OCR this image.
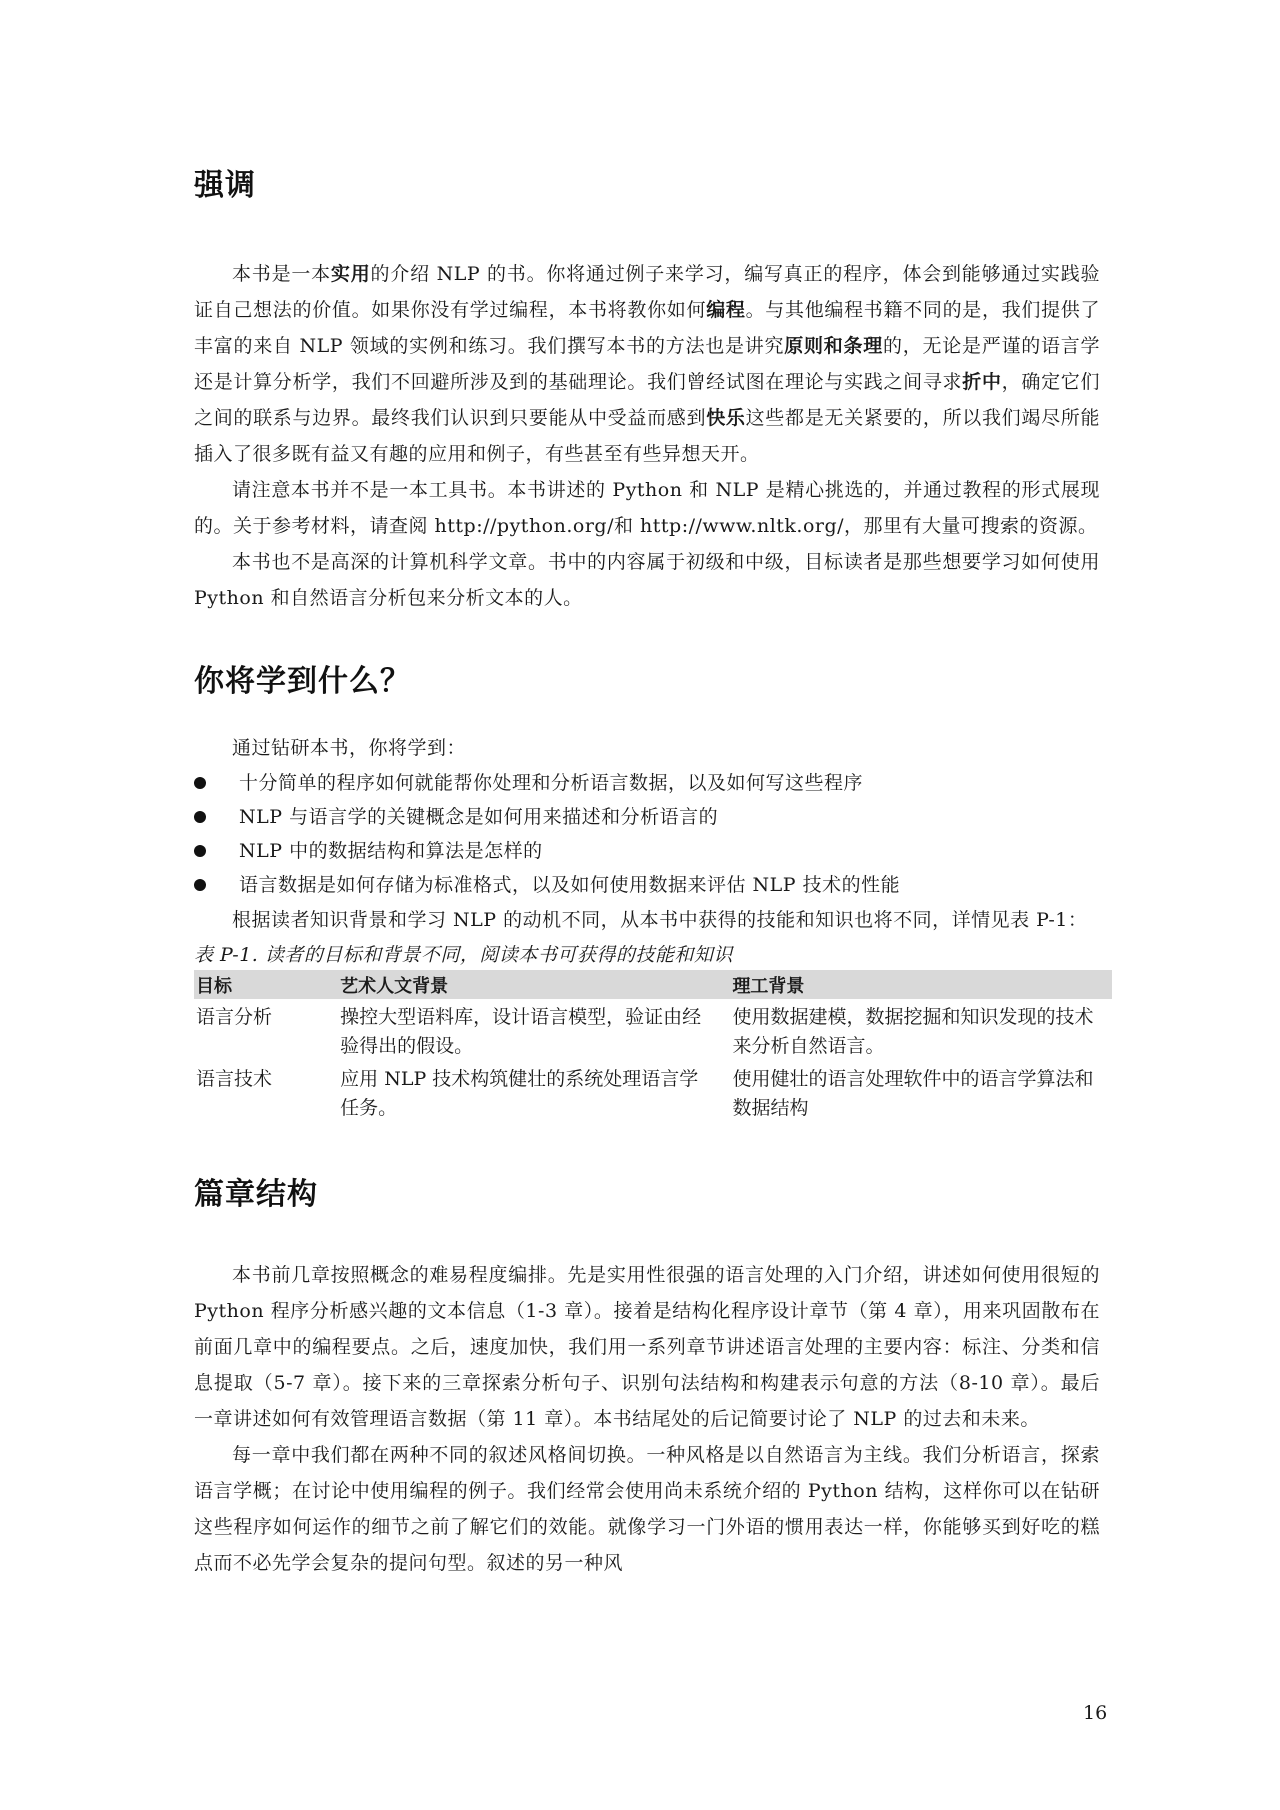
强调

本书是一本实用的介绍 NLP 的书。你将通过例子来学习，编写真正的程序，体会到能够通过实践验证自己想法的价值。如果你没有学过编程，本书将教你如何编程。与其他编程书籍不同的是，我们提供了丰富的来自 NLP 领域的实例和练习。我们撰写本书的方法也是讲究原则和条理的，无论是严谨的语言学还是计算分析学，我们不回避所涉及到的基础理论。我们曾经试图在理论与实践之间寻求折中，确定它们之间的联系与边界。最终我们认识到只要能从中受益而感到快乐这些都是无关紧要的，所以我们竭尽所能插入了很多既有益又有趣的应用和例子，有些甚至有些异想天开。

请注意本书并不是一本工具书。本书讲述的 Python 和 NLP 是精心挑选的，并通过教程的形式展现的。关于参考材料，请查阅 http://python.org/和 http://www.nltk.org/，那里有大量可搜索的资源。

本书也不是高深的计算机科学文章。书中的内容属于初级和中级，目标读者是那些想要学习如何使用 Python 和自然语言分析包来分析文本的人。

你将学到什么？

通过钻研本书，你将学到：

十分简单的程序如何就能帮你处理和分析语言数据，以及如何写这些程序
NLP 与语言学的关键概念是如何用来描述和分析语言的
NLP 中的数据结构和算法是怎样的
语言数据是如何存储为标准格式，以及如何使用数据来评估 NLP 技术的性能

根据读者知识背景和学习 NLP 的动机不同，从本书中获得的技能和知识也将不同，详情见表 P-1：

表 P-1. 读者的目标和背景不同，阅读本书可获得的技能和知识
目标	艺术人文背景	理工背景
语言分析	操控大型语料库，设计语言模型，验证由经验得出的假设。	使用数据建模，数据挖掘和知识发现的技术来分析自然语言。
语言技术	应用 NLP 技术构筑健壮的系统处理语言学任务。	使用健壮的语言处理软件中的语言学算法和数据结构
篇章结构

本书前几章按照概念的难易程度编排。先是实用性很强的语言处理的入门介绍，讲述如何使用很短的 Python 程序分析感兴趣的文本信息（1-3 章）。接着是结构化程序设计章节（第 4 章），用来巩固散布在前面几章中的编程要点。之后，速度加快，我们用一系列章节讲述语言处理的主要内容：标注、分类和信息提取（5-7 章）。接下来的三章探索分析句子、识别句法结构和构建表示句意的方法（8-10 章）。最后一章讲述如何有效管理语言数据（第 11 章）。本书结尾处的后记简要讨论了 NLP 的过去和未来。

每一章中我们都在两种不同的叙述风格间切换。一种风格是以自然语言为主线。我们分析语言，探索语言学概；在讨论中使用编程的例子。我们经常会使用尚未系统介绍的 Python 结构，这样你可以在钻研这些程序如何运作的细节之前了解它们的效能。就像学习一门外语的惯用表达一样，你能够买到好吃的糕点而不必先学会复杂的提问句型。叙述的另一种风

16
